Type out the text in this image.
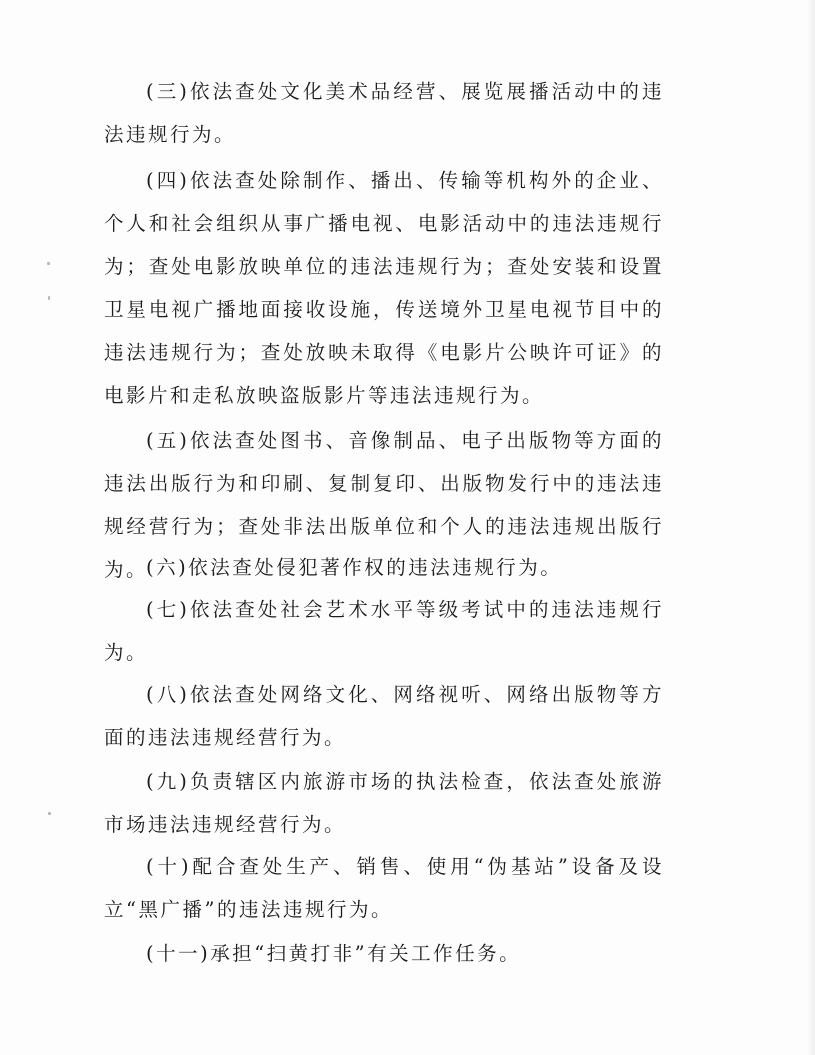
(三)依法查处文化美术品经营、展览展播活动中的违法违规行为。

(四)依法查处除制作、播出、传输等机构外的企业、个人和社会组织从事广播电视、电影活动中的违法违规行为；查处电影放映单位的违法违规行为；查处安装和设置卫星电视广播地面接收设施，传送境外卫星电视节目中的违法违规行为；查处放映未取得《电影片公映许可证》的电影片和走私放映盗版影片等违法违规行为。

(五)依法查处图书、音像制品、电子出版物等方面的违法出版行为和印刷、复制复印、出版物发行中的违法违规经营行为；查处非法出版单位和个人的违法违规出版行为。

(六)依法查处侵犯著作权的违法违规行为。

(七)依法查处社会艺术水平等级考试中的违法违规行为。

(八)依法查处网络文化、网络视听、网络出版物等方面的违法违规经营行为。

(九)负责辖区内旅游市场的执法检查，依法查处旅游市场违法违规经营行为。

(十)配合查处生产、销售、使用“伪基站”设备及设立“黑广播”的违法违规行为。

(十一)承担“扫黄打非”有关工作任务。
